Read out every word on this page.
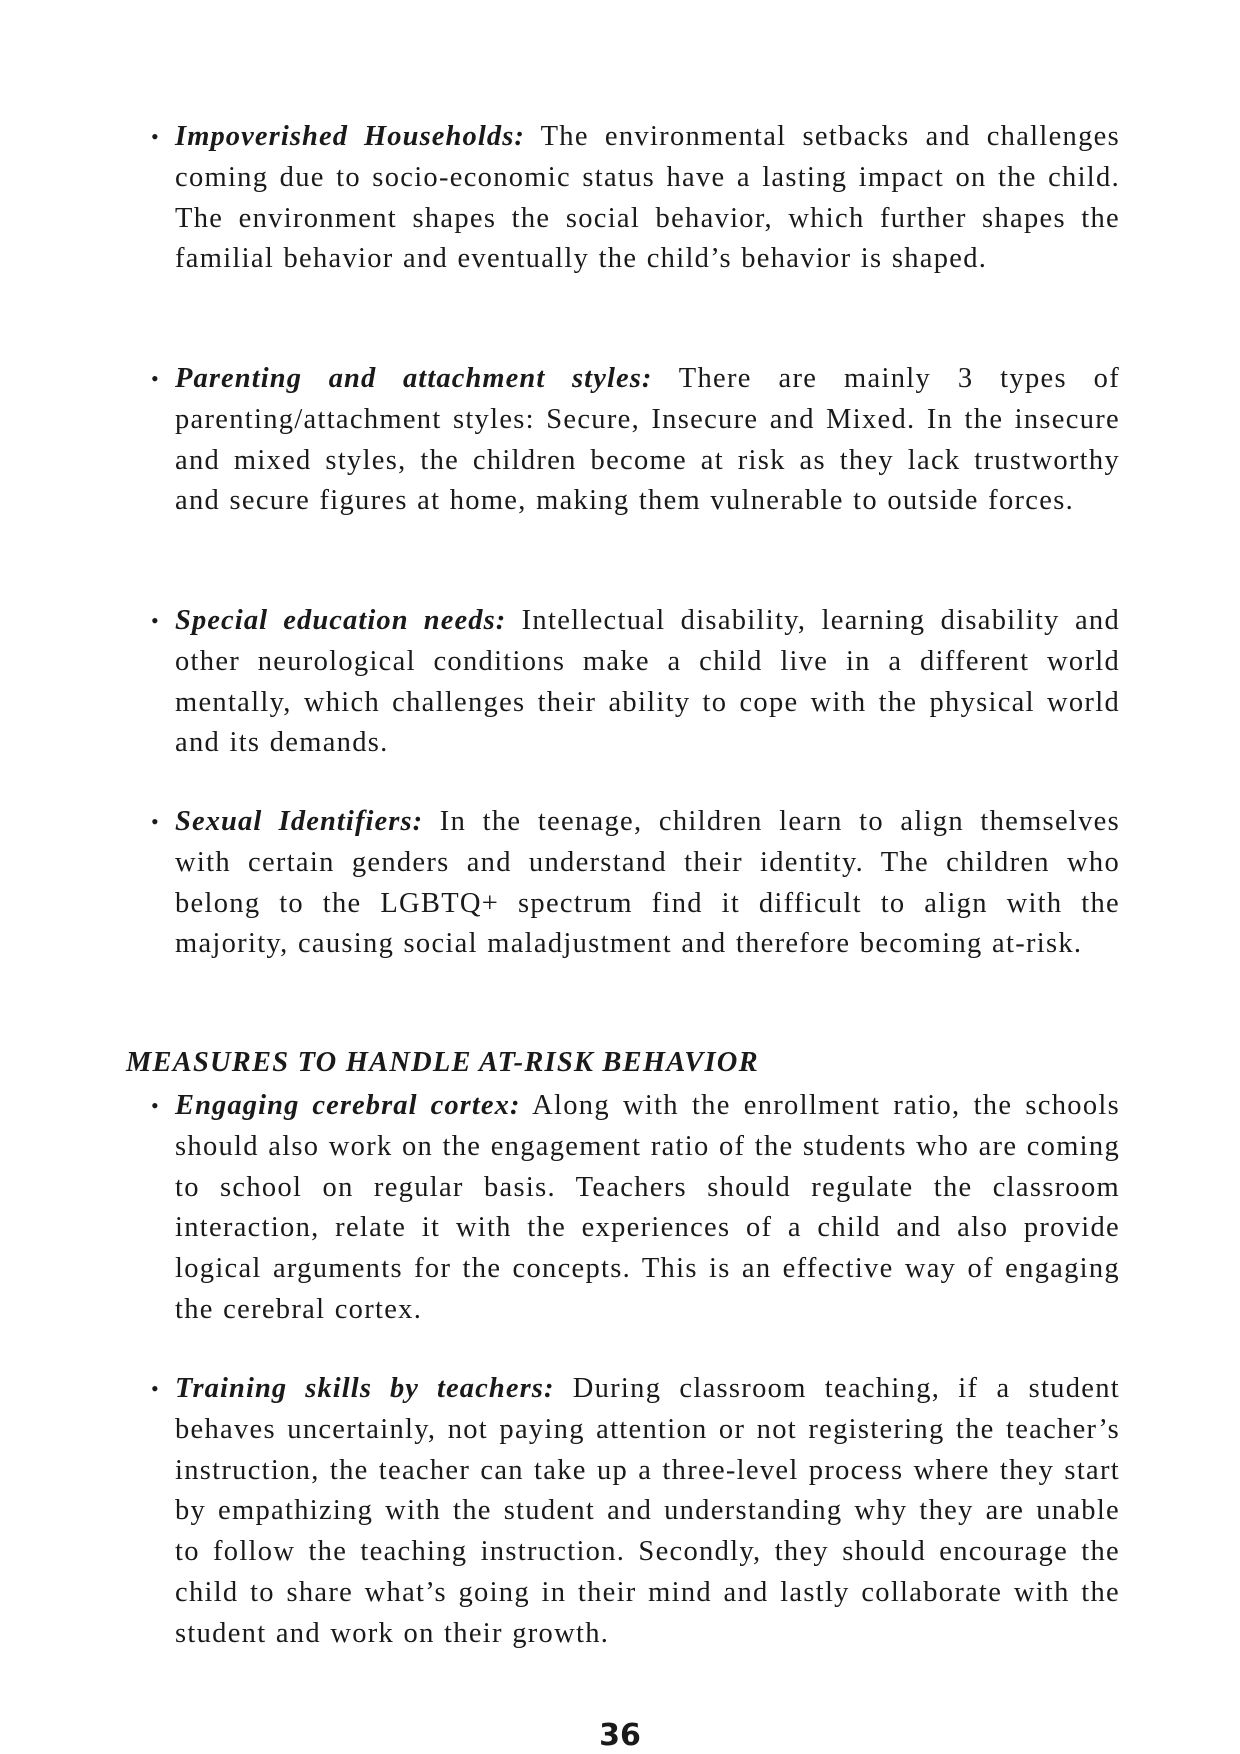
• Impoverished Households: The environmental setbacks and challenges coming due to socio-economic status have a lasting impact on the child. The environment shapes the social behavior, which further shapes the familial behavior and eventually the child’s behavior is shaped.
• Parenting and attachment styles: There are mainly 3 types of parenting/attachment styles: Secure, Insecure and Mixed. In the insecure and mixed styles, the children become at risk as they lack trustworthy and secure figures at home, making them vulnerable to outside forces.
• Special education needs: Intellectual disability, learning disability and other neurological conditions make a child live in a different world mentally, which challenges their ability to cope with the physical world and its demands.
• Sexual Identifiers: In the teenage, children learn to align themselves with certain genders and understand their identity. The children who belong to the LGBTQ+ spectrum find it difficult to align with the majority, causing social maladjustment and therefore becoming at-risk.
MEASURES TO HANDLE AT-RISK BEHAVIOR
• Engaging cerebral cortex: Along with the enrollment ratio, the schools should also work on the engagement ratio of the students who are coming to school on regular basis. Teachers should regulate the classroom interaction, relate it with the experiences of a child and also provide logical arguments for the concepts. This is an effective way of engaging the cerebral cortex.
• Training skills by teachers: During classroom teaching, if a student behaves uncertainly, not paying attention or not registering the teacher’s instruction, the teacher can take up a three-level process where they start by empathizing with the student and understanding why they are unable to follow the teaching instruction. Secondly, they should encourage the child to share what’s going in their mind and lastly collaborate with the student and work on their growth.
36
